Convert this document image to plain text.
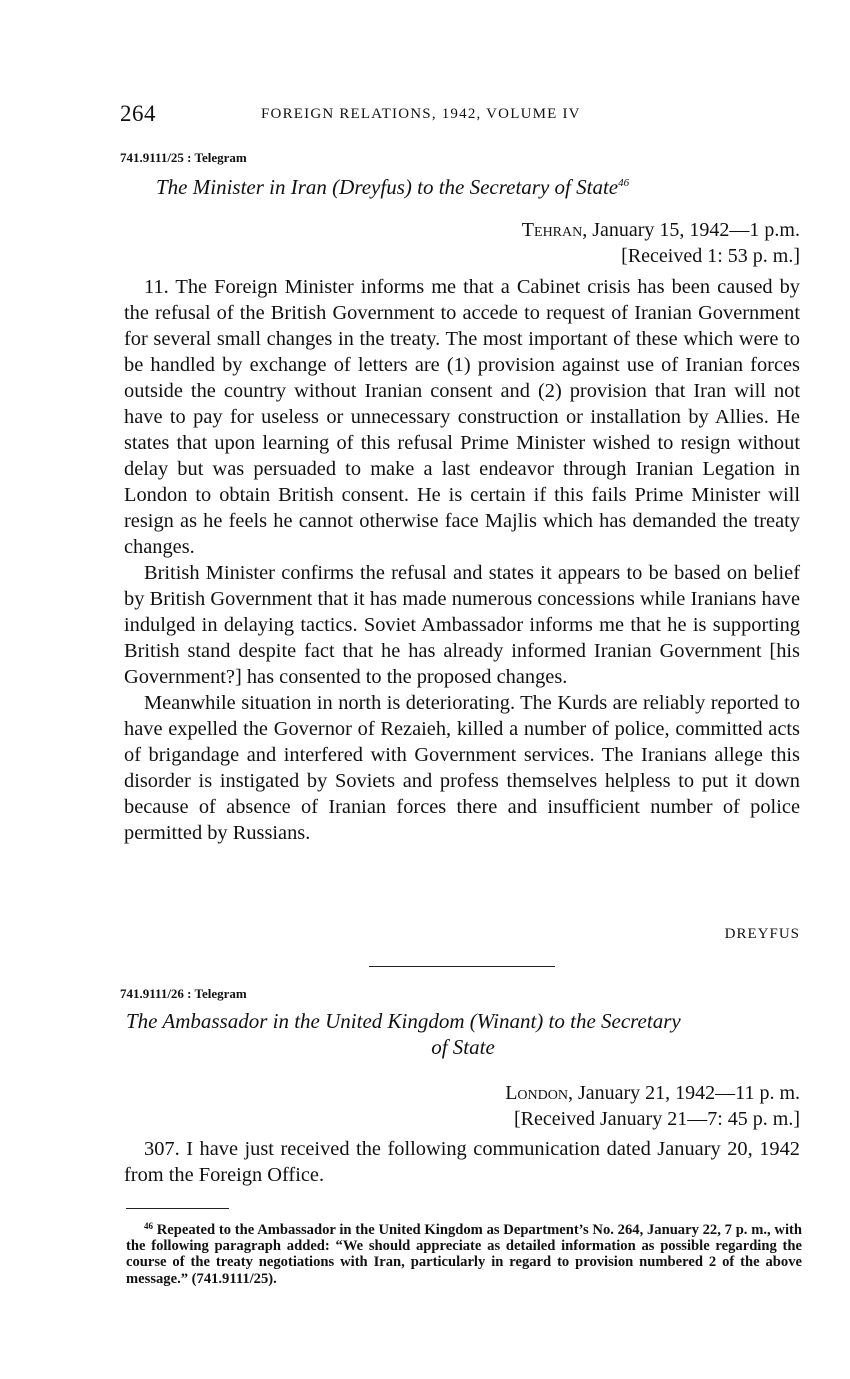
264	FOREIGN RELATIONS, 1942, VOLUME IV
741.9111/25 : Telegram
The Minister in Iran (Dreyfus) to the Secretary of State$^{46}$
Tehran, January 15, 1942—1 p.m.
[Received 1: 53 p. m.]

11. The Foreign Minister informs me that a Cabinet crisis has been caused by the refusal of the British Government to accede to request of Iranian Government for several small changes in the treaty. The most important of these which were to be handled by exchange of letters are (1) provision against use of Iranian forces outside the country without Iranian consent and (2) provision that Iran will not have to pay for useless or unnecessary construction or installation by Allies. He states that upon learning of this refusal Prime Minister wished to resign without delay but was persuaded to make a last endeavor through Iranian Legation in London to obtain British consent. He is certain if this fails Prime Minister will resign as he feels he cannot otherwise face Majlis which has demanded the treaty changes.

British Minister confirms the refusal and states it appears to be based on belief by British Government that it has made numerous concessions while Iranians have indulged in delaying tactics. Soviet Ambassador informs me that he is supporting British stand despite fact that he has already informed Iranian Government [his Government?] has consented to the proposed changes.

Meanwhile situation in north is deteriorating. The Kurds are reliably reported to have expelled the Governor of Rezaieh, killed a number of police, committed acts of brigandage and interfered with Government services. The Iranians allege this disorder is instigated by Soviets and profess themselves helpless to put it down because of absence of Iranian forces there and insufficient number of police permitted by Russians.

DREYFUS
741.9111/26 : Telegram
The Ambassador in the United Kingdom (Winant) to the Secretary
of State
London, January 21, 1942—11 p. m.
[Received January 21—7: 45 p. m.]

307. I have just received the following communication dated January 20, 1942 from the Foreign Office.

$^{46}$ Repeated to the Ambassador in the United Kingdom as Department’s No. 264, January 22, 7 p. m., with the following paragraph added: “We should appreciate as detailed information as possible regarding the course of the treaty negotiations with Iran, particularly in regard to provision numbered 2 of the above message.” (741.9111/25).
